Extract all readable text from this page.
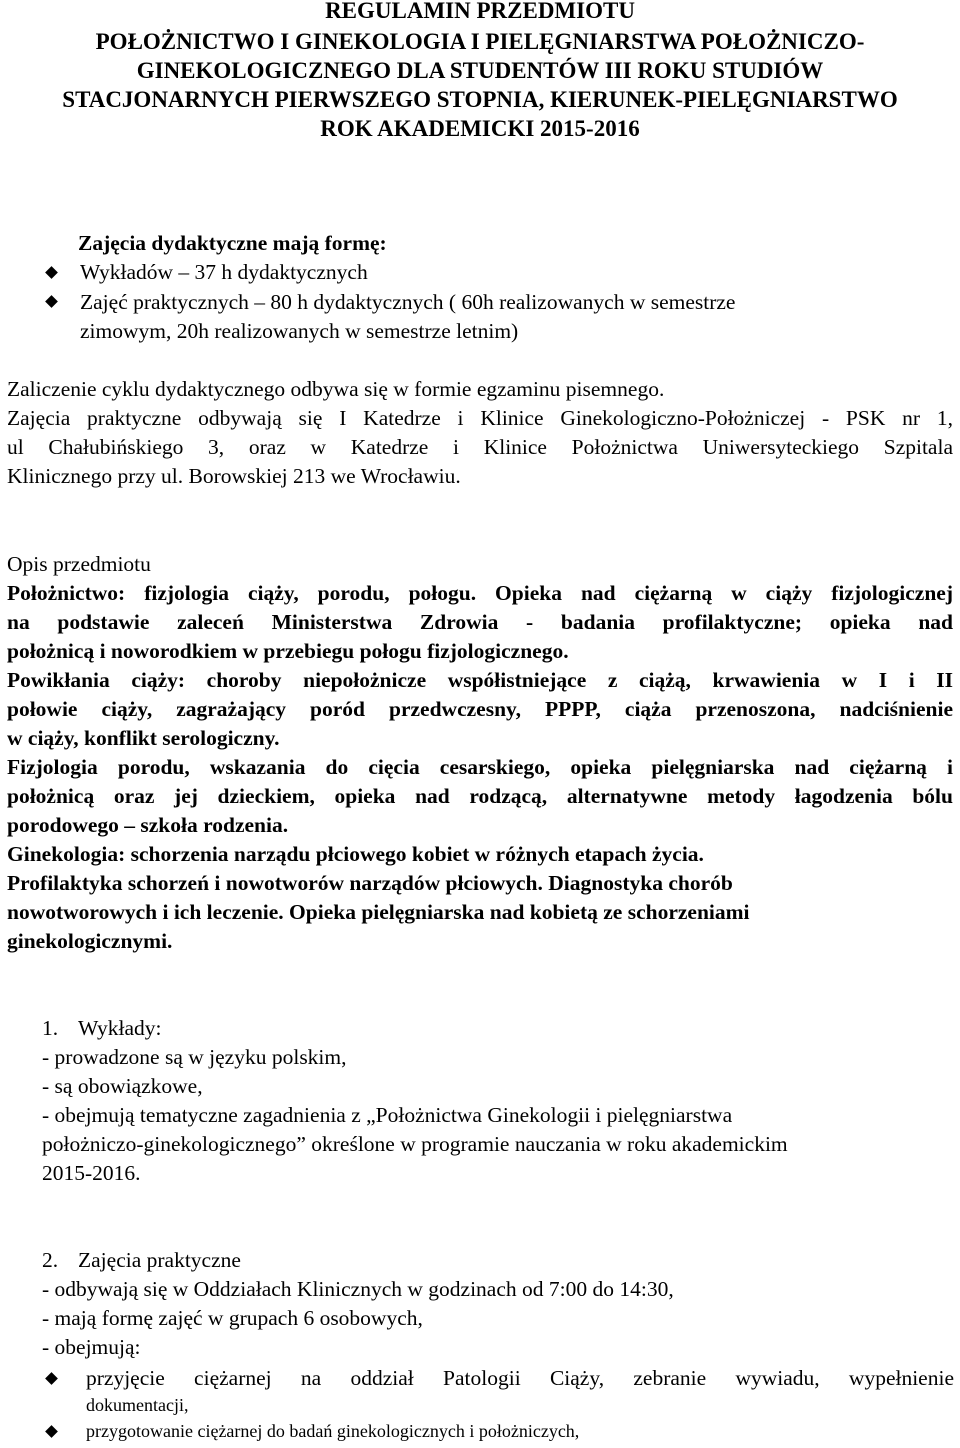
REGULAMIN PRZEDMIOTU
POŁOŻNICTWO I GINEKOLOGIA I PIELĘGNIARSTWA POŁOŻNICZO-
GINEKOLOGICZNEGO DLA STUDENTÓW III ROKU STUDIÓW
STACJONARNYCH PIERWSZEGO STOPNIA, KIERUNEK-PIELĘGNIARSTWO
ROK AKADEMICKI 2015-2016
Zajęcia dydaktyczne mają formę:
Wykładów – 37 h dydaktycznych
Zajęć praktycznych – 80 h dydaktycznych ( 60h realizowanych w semestrze
zimowym, 20h realizowanych w semestrze letnim)
Zaliczenie cyklu dydaktycznego odbywa się w formie egzaminu pisemnego.
Zajęcia praktyczne odbywają się I Katedrze i Klinice Ginekologiczno-Położniczej - PSK nr 1,
ul Chałubińskiego 3, oraz w Katedrze i Klinice Położnictwa Uniwersyteckiego Szpitala
Klinicznego przy ul. Borowskiej 213 we Wrocławiu.
Opis przedmiotu
Położnictwo: fizjologia ciąży, porodu, połogu. Opieka nad ciężarną w ciąży fizjologicznej
na podstawie zaleceń Ministerstwa Zdrowia - badania profilaktyczne; opieka nad
położnicą i noworodkiem w przebiegu połogu fizjologicznego.
Powikłania ciąży: choroby niepołożnicze współistniejące z ciążą, krwawienia w I i II
połowie ciąży, zagrażający poród przedwczesny, PPPP, ciąża przenoszona, nadciśnienie
w ciąży, konflikt serologiczny.
Fizjologia porodu, wskazania do cięcia cesarskiego, opieka pielęgniarska nad ciężarną i
położnicą oraz jej dzieckiem, opieka nad rodzącą, alternatywne metody łagodzenia bólu
porodowego – szkoła rodzenia.
Ginekologia: schorzenia narządu płciowego kobiet w różnych etapach życia.
Profilaktyka schorzeń i nowotworów narządów płciowych. Diagnostyka chorób
nowotworowych i ich leczenie. Opieka pielęgniarska nad kobietą ze schorzeniami
ginekologicznymi.
1. Wykłady:
- prowadzone są w języku polskim,
- są obowiązkowe,
- obejmują tematyczne zagadnienia z „Położnictwa Ginekologii i pielęgniarstwa
położniczo-ginekologicznego” określone w programie nauczania w roku akademickim
2015-2016.
2. Zajęcia praktyczne
- odbywają się w Oddziałach Klinicznych w godzinach od 7:00 do 14:30,
- mają formę zajęć w grupach 6 osobowych,
- obejmują:
przyjęcie ciężarnej na oddział Patologii Ciąży, zebranie wywiadu, wypełnienie
dokumentacji,
przygotowanie ciężarnej do badań ginekologicznych i położniczych,
